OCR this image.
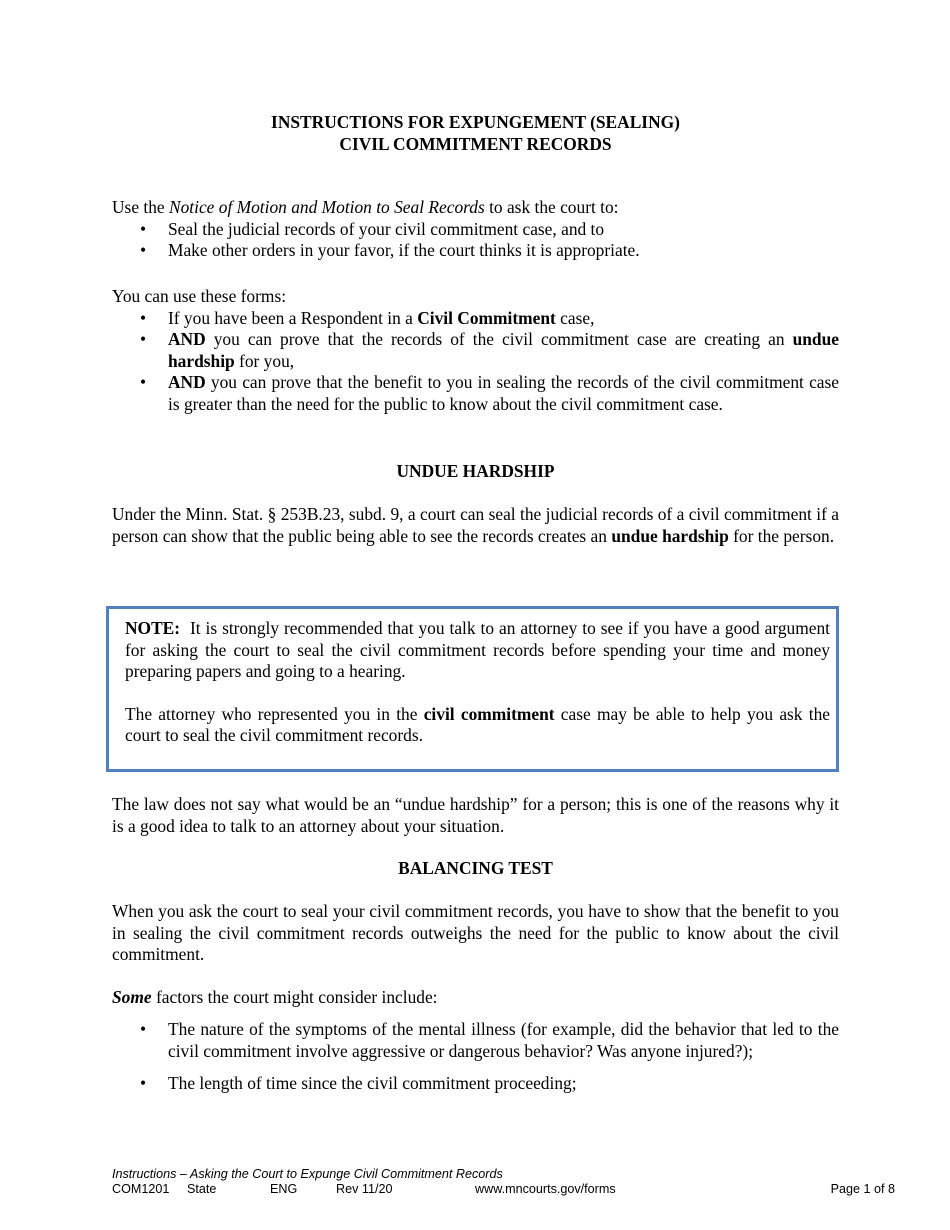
INSTRUCTIONS FOR EXPUNGEMENT (SEALING)
CIVIL COMMITMENT RECORDS

Use the Notice of Motion and Motion to Seal Records to ask the court to:

• Seal the judicial records of your civil commitment case, and to
• Make other orders in your favor, if the court thinks it is appropriate.

You can use these forms:

• If you have been a Respondent in a Civil Commitment case,
• AND you can prove that the records of the civil commitment case are creating an undue hardship for you,
• AND you can prove that the benefit to you in sealing the records of the civil commitment case is greater than the need for the public to know about the civil commitment case.
UNDUE HARDSHIP

Under the Minn. Stat. § 253B.23, subd. 9, a court can seal the judicial records of a civil commitment if a person can show that the public being able to see the records creates an undue hardship for the person.

NOTE:  It is strongly recommended that you talk to an attorney to see if you have a good argument for asking the court to seal the civil commitment records before spending your time and money preparing papers and going to a hearing.

The attorney who represented you in the civil commitment case may be able to help you ask the court to seal the civil commitment records.

The law does not say what would be an “undue hardship” for a person; this is one of the reasons why it is a good idea to talk to an attorney about your situation.

BALANCING TEST

When you ask the court to seal your civil commitment records, you have to show that the benefit to you in sealing the civil commitment records outweighs the need for the public to know about the civil commitment.

Some factors the court might consider include:

• The nature of the symptoms of the mental illness (for example, did the behavior that led to the civil commitment involve aggressive or dangerous behavior? Was anyone injured?);
• The length of time since the civil commitment proceeding;
Instructions – Asking the Court to Expunge Civil Commitment Records
COM1201 State	ENG	Rev 11/20	www.mncourts.gov/forms	Page 1 of 8
